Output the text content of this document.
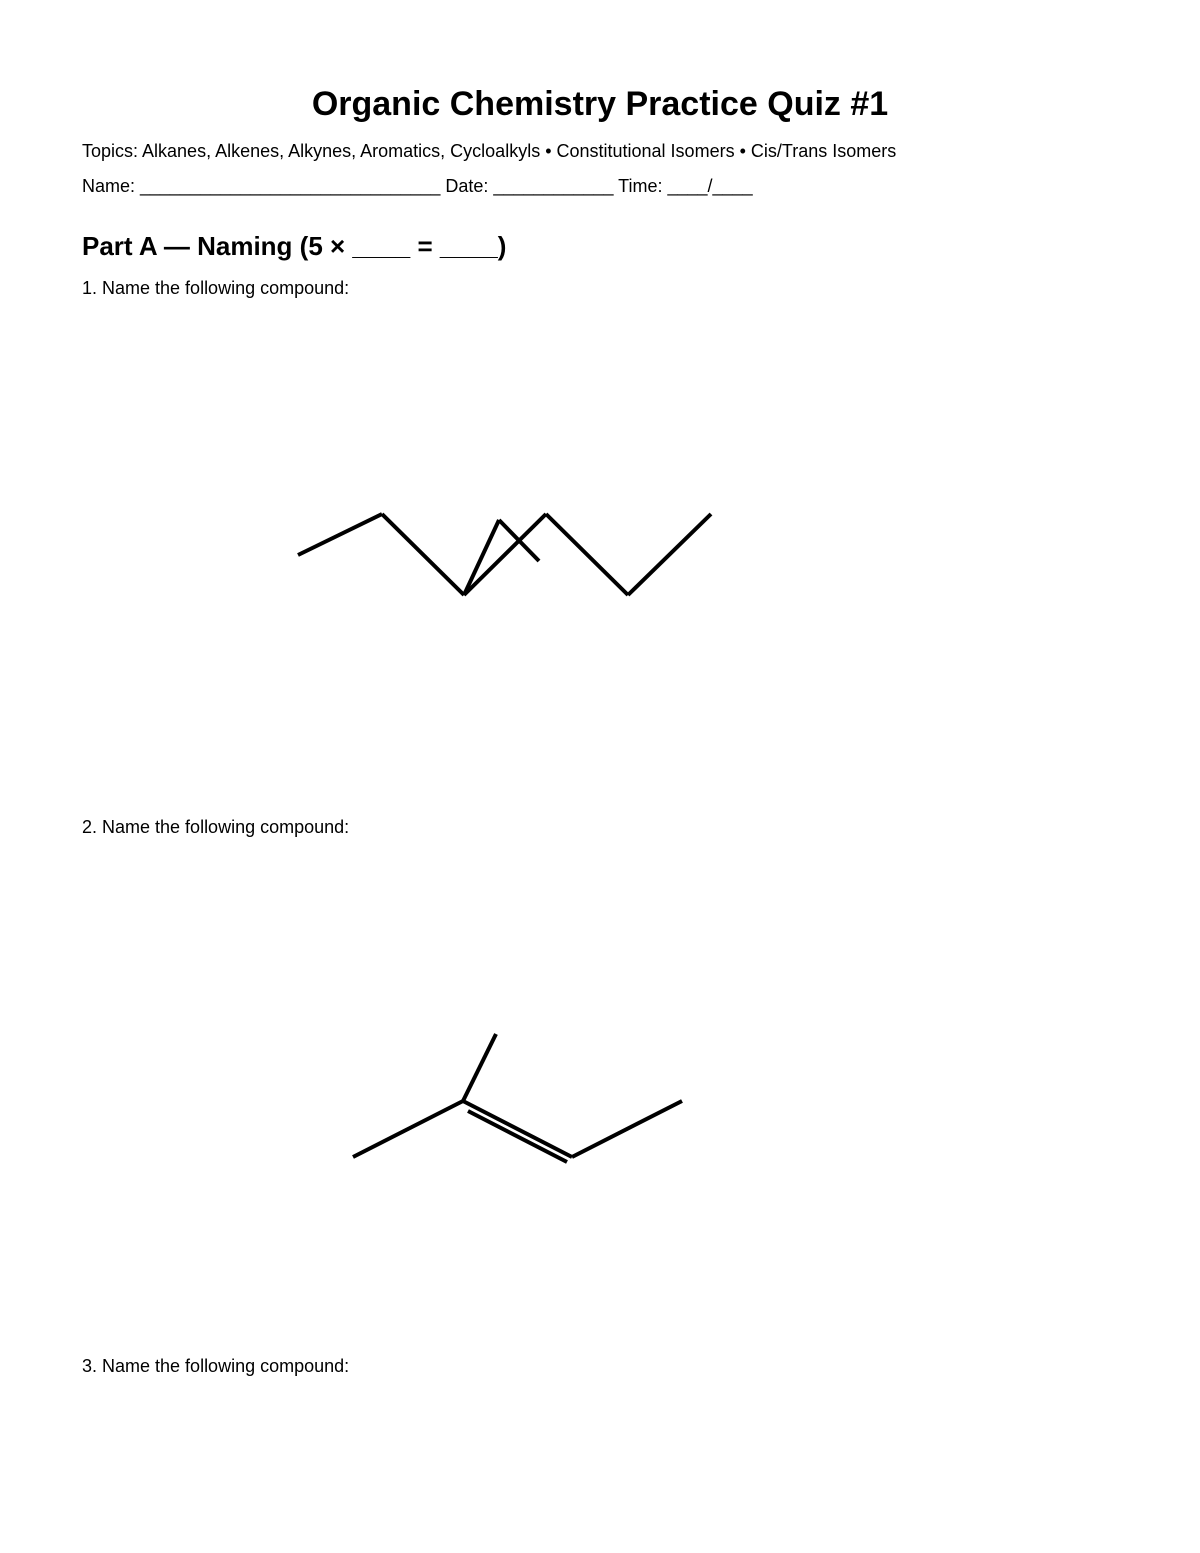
Organic Chemistry Practice Quiz #1
Topics: Alkanes, Alkenes, Alkynes, Aromatics, Cycloalkyls • Constitutional Isomers • Cis/Trans Isomers
Name: ______________________________ Date: ____________ Time: ____/____
Part A — Naming (5 × ____ = ____)
1. Name the following compound:
2. Name the following compound:
3. Name the following compound:
